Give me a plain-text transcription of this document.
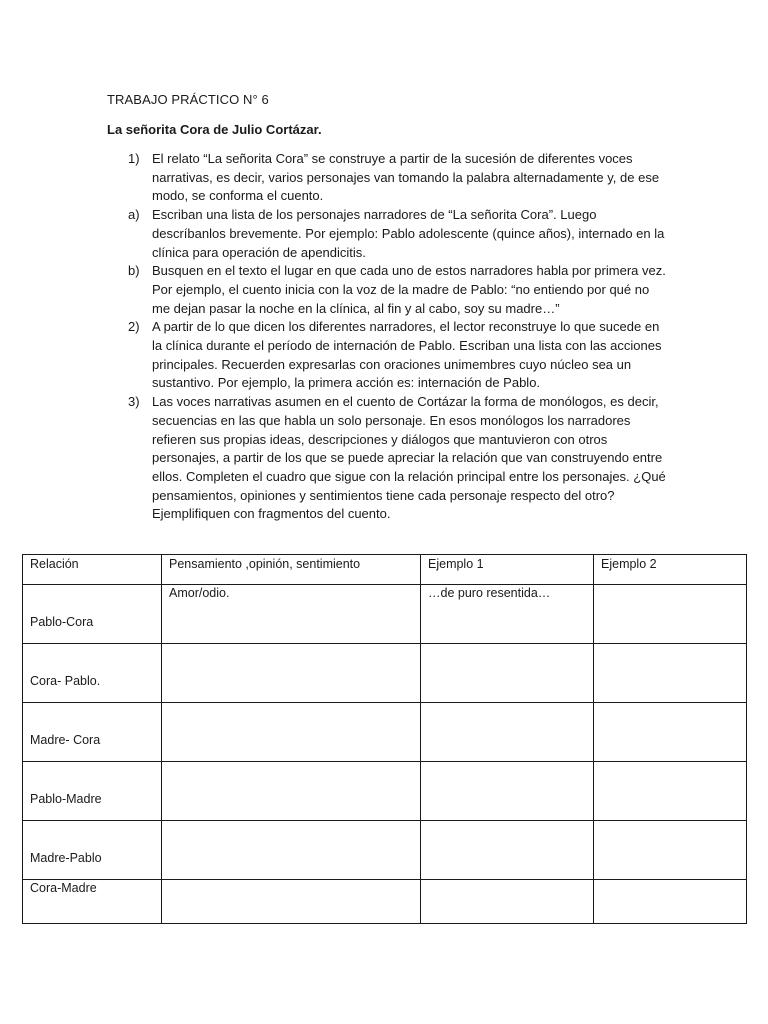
TRABAJO PRÁCTICO N° 6
La señorita Cora de Julio Cortázar.
1) El relato “La señorita Cora” se construye a partir de la sucesión de diferentes voces narrativas, es decir, varios personajes van tomando la palabra alternadamente y, de ese modo, se conforma el cuento.
a) Escriban una lista de los personajes narradores de “La señorita Cora”. Luego descríbanlos brevemente. Por ejemplo: Pablo adolescente (quince años), internado en la clínica para operación de apendicitis.
b) Busquen en el texto el lugar en que cada uno de estos narradores habla por primera vez. Por ejemplo, el cuento inicia con la voz de la madre de Pablo: “no entiendo por qué no me dejan pasar la noche en la clínica, al fin y al cabo, soy su madre…”
2) A partir de lo que dicen los diferentes narradores, el lector reconstruye lo que sucede en la clínica durante el período de internación de Pablo. Escriban una lista con las acciones principales. Recuerden expresarlas con oraciones unimembres cuyo núcleo sea un sustantivo. Por ejemplo, la primera acción es: internación de Pablo.
3) Las voces narrativas asumen en el cuento de Cortázar la forma de monólogos, es decir, secuencias en las que habla un solo personaje. En esos monólogos los narradores refieren sus propias ideas, descripciones y diálogos que mantuvieron con otros personajes, a partir de los que se puede apreciar la relación que van construyendo entre ellos. Completen el cuadro que sigue con la relación principal entre los personajes. ¿Qué pensamientos, opiniones y sentimientos tiene cada personaje respecto del otro? Ejemplifiquen con fragmentos del cuento.
Relación	Pensamiento ,opinión, sentimiento	Ejemplo 1	Ejemplo 2
Pablo-Cora	Amor/odio.	…de puro resentida…	
Cora- Pablo.			
Madre- Cora			
Pablo-Madre			
Madre-Pablo			
Cora-Madre			
